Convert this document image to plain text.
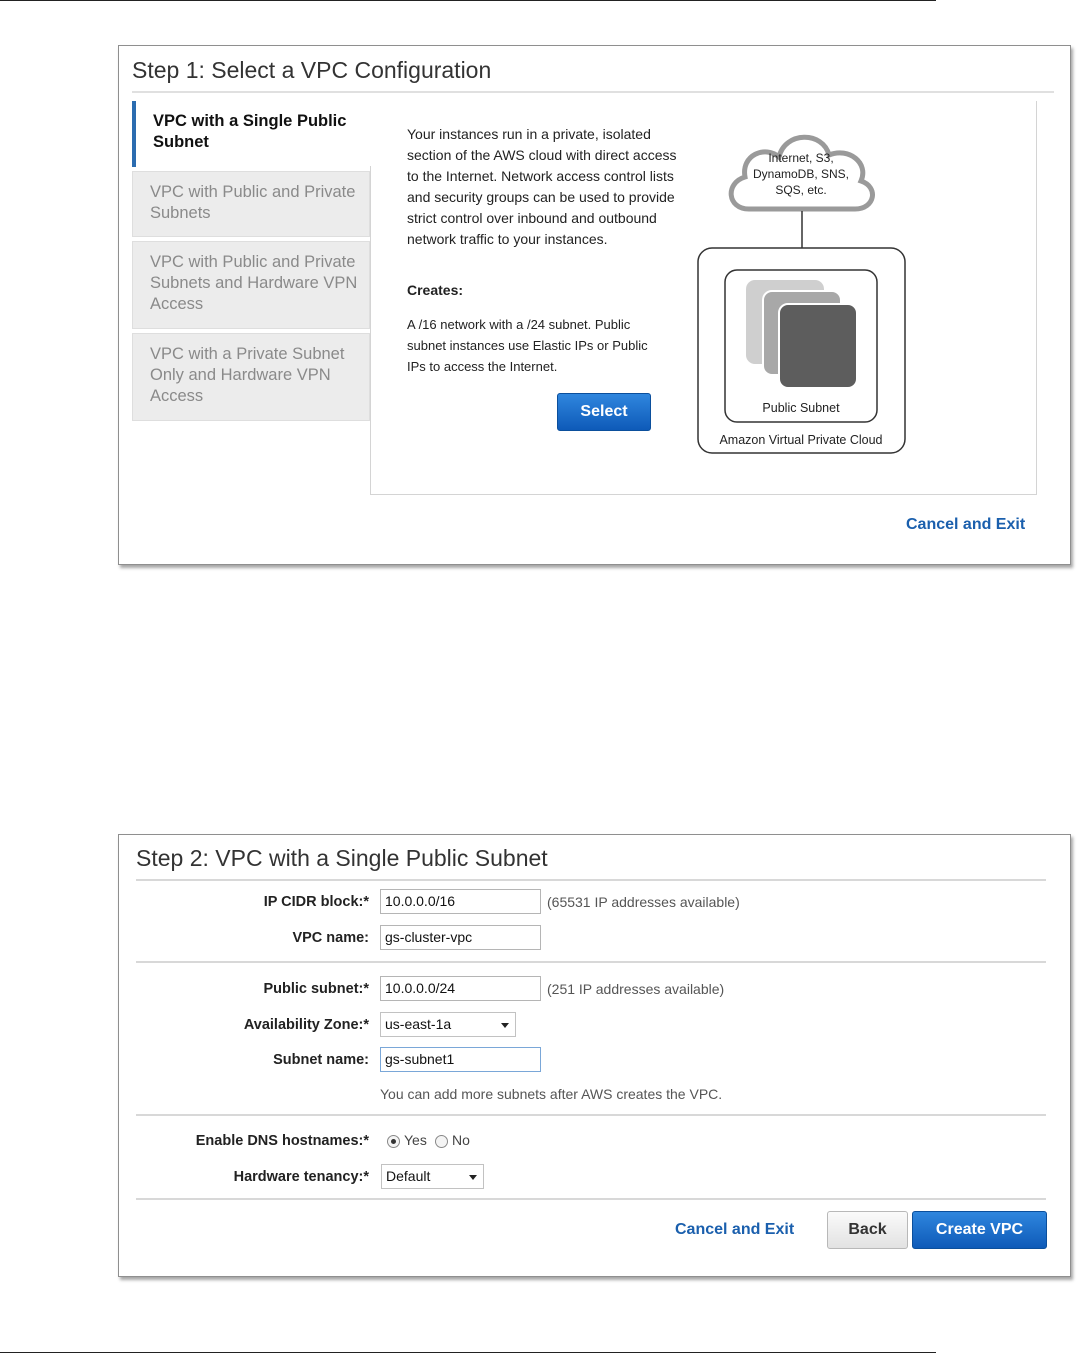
Step 1: Select a VPC Configuration
VPC with a Single Public Subnet
VPC with Public and Private Subnets
VPC with Public and Private Subnets and Hardware VPN Access
VPC with a Private Subnet Only and Hardware VPN Access
Your instances run in a private, isolated section of the AWS cloud with direct access to the Internet. Network access control lists and security groups can be used to provide strict control over inbound and outbound network traffic to your instances.
Creates:
A /16 network with a /24 subnet. Public subnet instances use Elastic IPs or Public IPs to access the Internet.
Select
Internet, S3,
DynamoDB, SNS,
SQS, etc.
Public Subnet
Amazon Virtual Private Cloud
Cancel and Exit
Step 2: VPC with a Single Public Subnet
IP CIDR block:*	10.0.0.0/16	(65531 IP addresses available)
VPC name:	gs-cluster-vpc
Public subnet:*	10.0.0.0/24	(251 IP addresses available)
Availability Zone:*	us-east-1a
Subnet name:	gs-subnet1
You can add more subnets after AWS creates the VPC.
Enable DNS hostnames:*	Yes No
Hardware tenancy:*	Default
Cancel and Exit	Back	Create VPC
